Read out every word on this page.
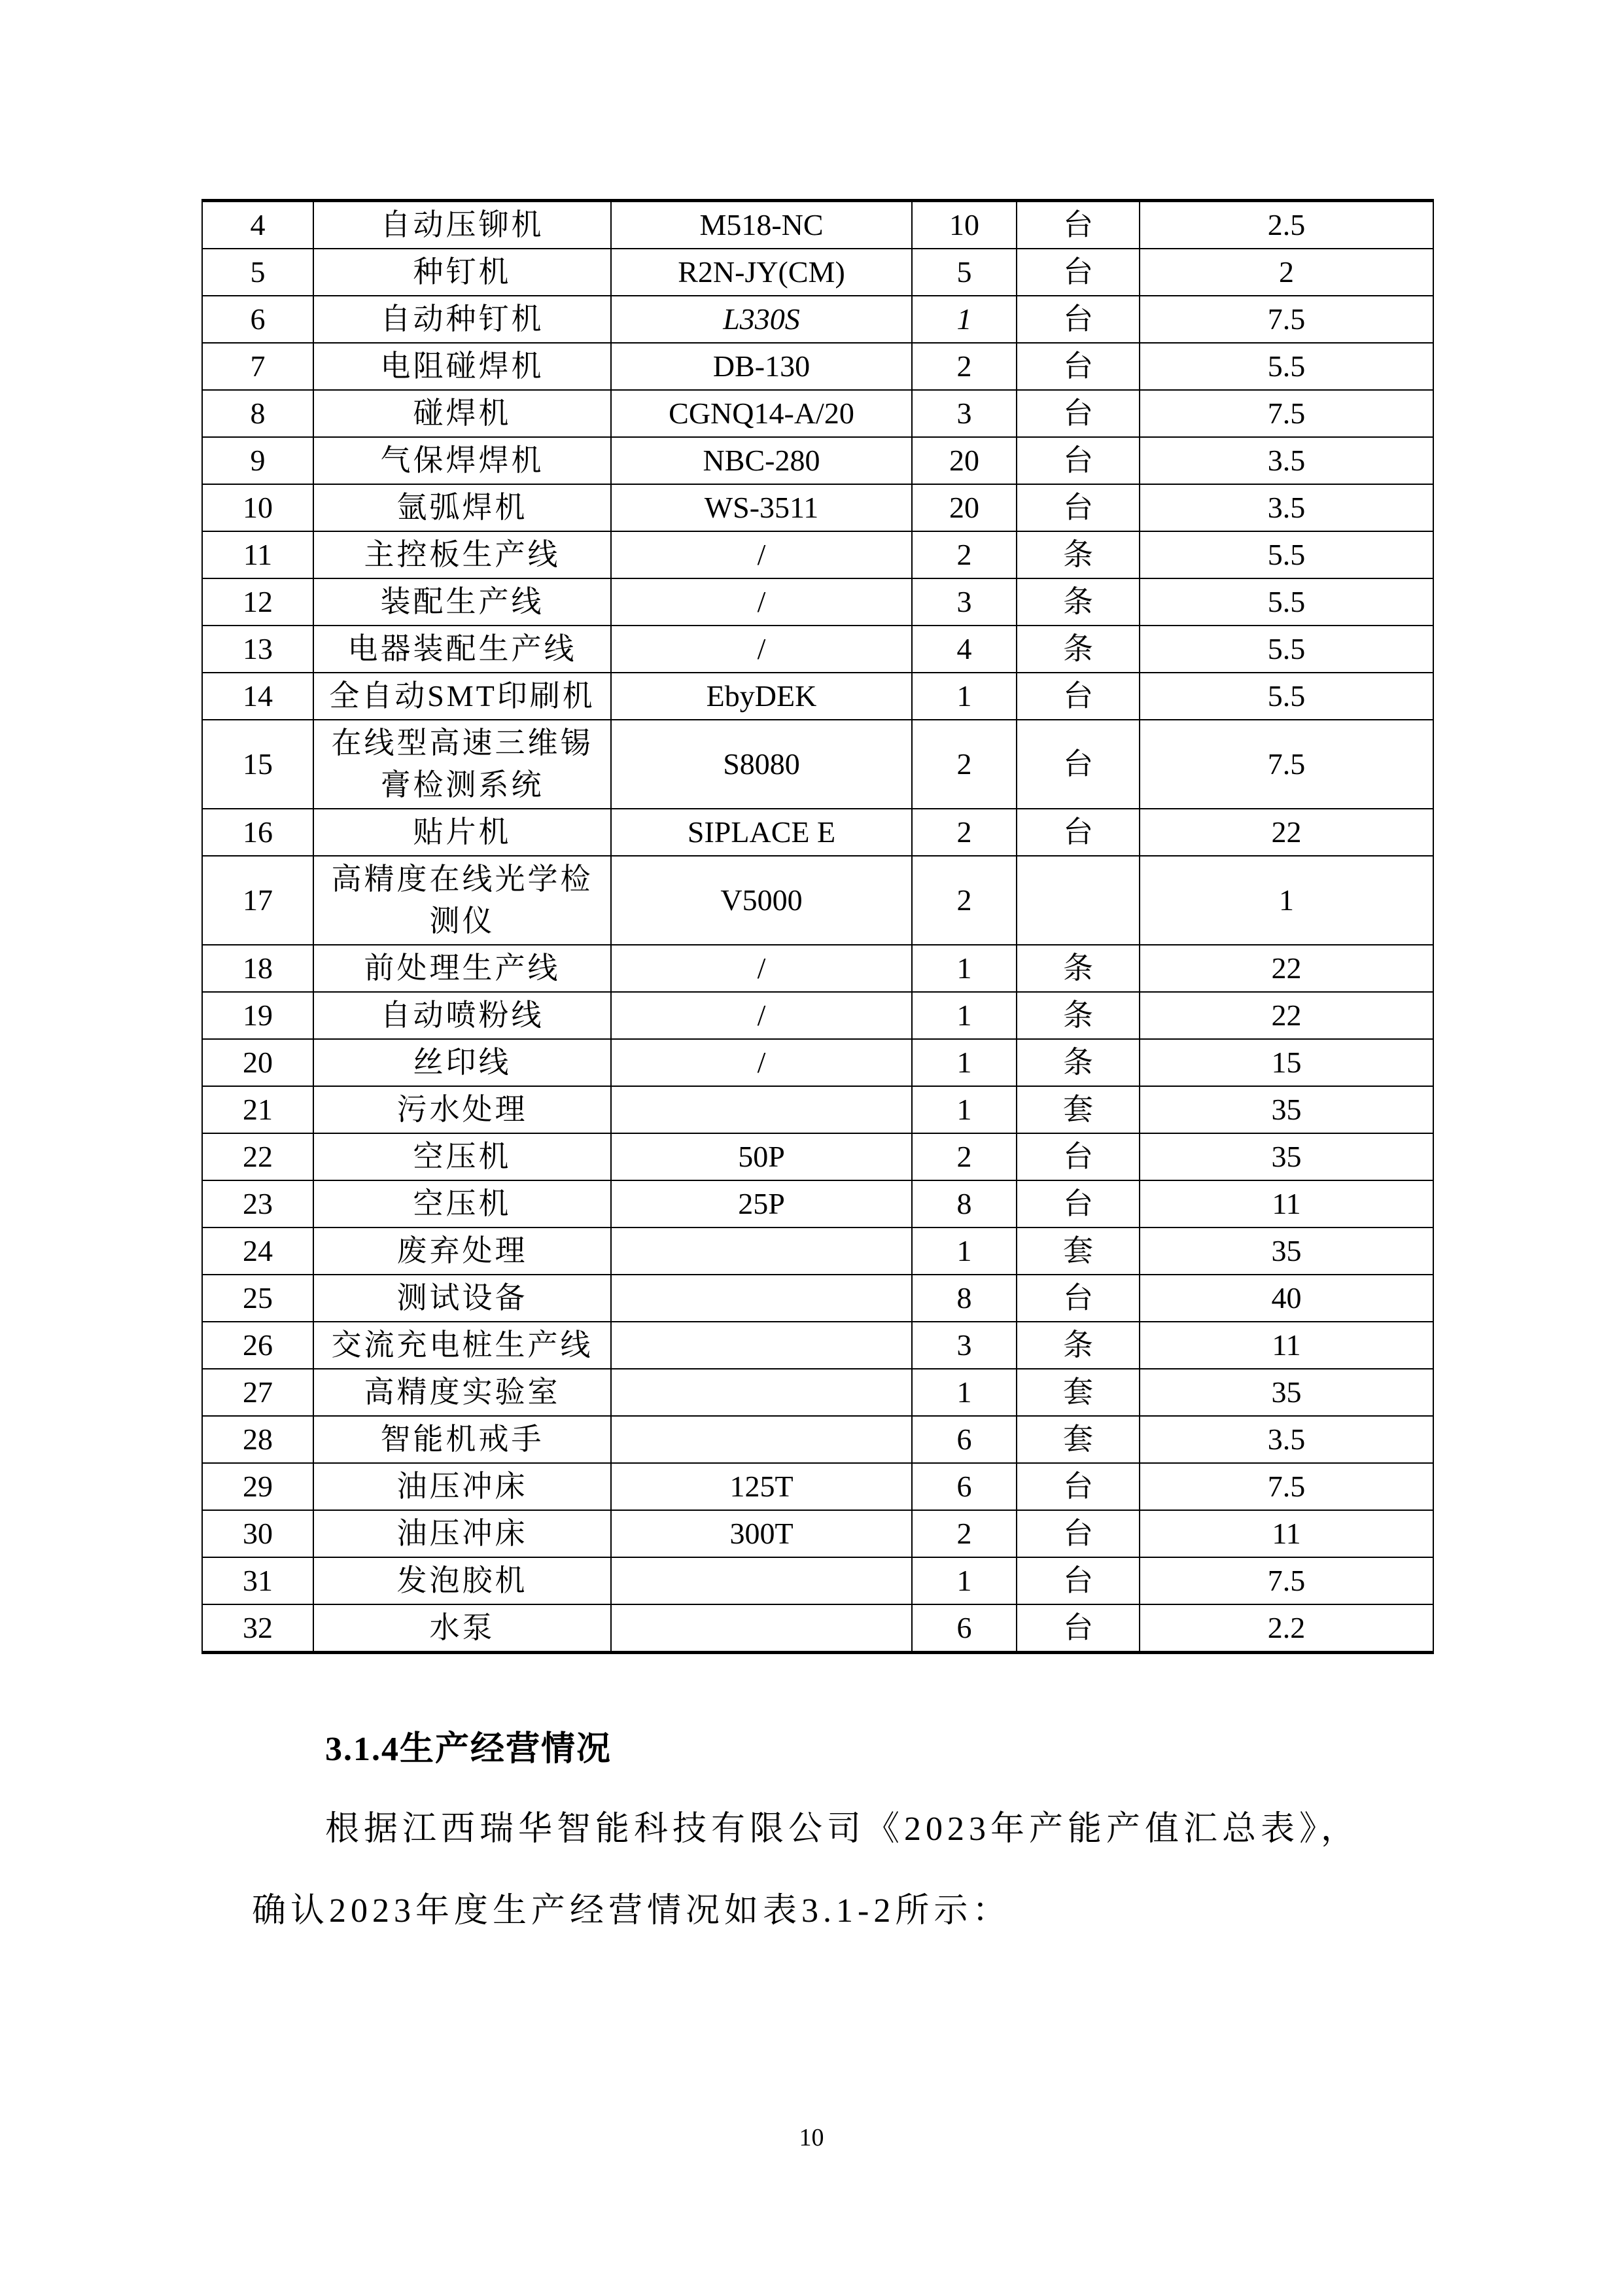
4	自动压铆机	M518-NC	10	台	2.5
5	种钉机	R2N-JY(CM)	5	台	2
6	自动种钉机	L330S	1	台	7.5
7	电阻碰焊机	DB-130	2	台	5.5
8	碰焊机	CGNQ14-A/20	3	台	7.5
9	气保焊焊机	NBC-280	20	台	3.5
10	氩弧焊机	WS-3511	20	台	3.5
11	主控板生产线	/	2	条	5.5
12	装配生产线	/	3	条	5.5
13	电器装配生产线	/	4	条	5.5
14	全自动SMT印刷机	EbyDEK	1	台	5.5
15	在线型高速三维锡
膏检测系统	S8080	2	台	7.5
16	贴片机	SIPLACE E	2	台	22
17	高精度在线光学检
测仪	V5000	2		1
18	前处理生产线	/	1	条	22
19	自动喷粉线	/	1	条	22
20	丝印线	/	1	条	15
21	污水处理		1	套	35
22	空压机	50P	2	台	35
23	空压机	25P	8	台	11
24	废弃处理		1	套	35
25	测试设备		8	台	40
26	交流充电桩生产线		3	条	11
27	高精度实验室		1	套	35
28	智能机戒手		6	套	3.5
29	油压冲床	125T	6	台	7.5
30	油压冲床	300T	2	台	11
31	发泡胶机		1	台	7.5
32	水泵		6	台	2.2
3.1.4生产经营情况
根据江西瑞华智能科技有限公司《2023年产能产值汇总表》，
确认2023年度生产经营情况如表3.1-2所示：
10
